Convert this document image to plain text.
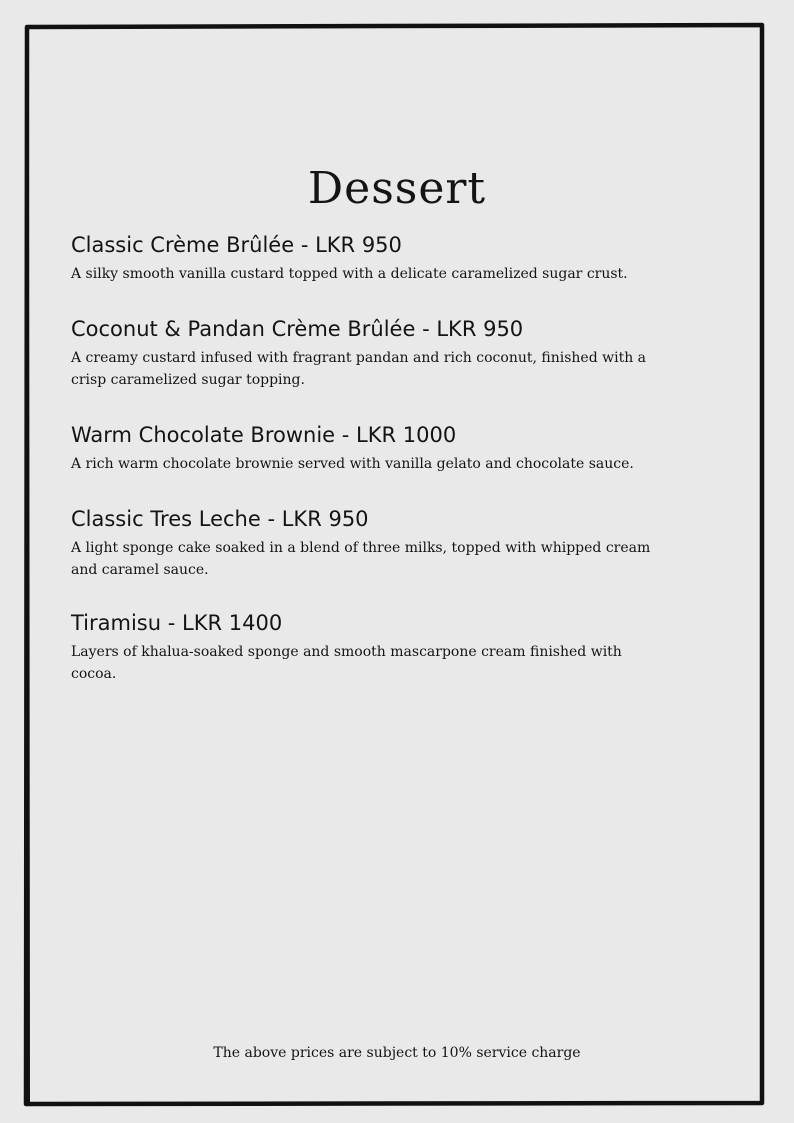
Dessert
Classic Crème Brûlée - LKR 950

A silky smooth vanilla custard topped with a delicate caramelized sugar crust.

Coconut & Pandan Crème Brûlée - LKR 950

A creamy custard infused with fragrant pandan and rich coconut, finished with a crisp caramelized sugar topping.

Warm Chocolate Brownie - LKR 1000

A rich warm chocolate brownie served with vanilla gelato and chocolate sauce.

Classic Tres Leche - LKR 950

A light sponge cake soaked in a blend of three milks, topped with whipped cream and caramel sauce.

Tiramisu - LKR 1400

Layers of khalua-soaked sponge and smooth mascarpone cream finished with cocoa.

The above prices are subject to 10% service charge
